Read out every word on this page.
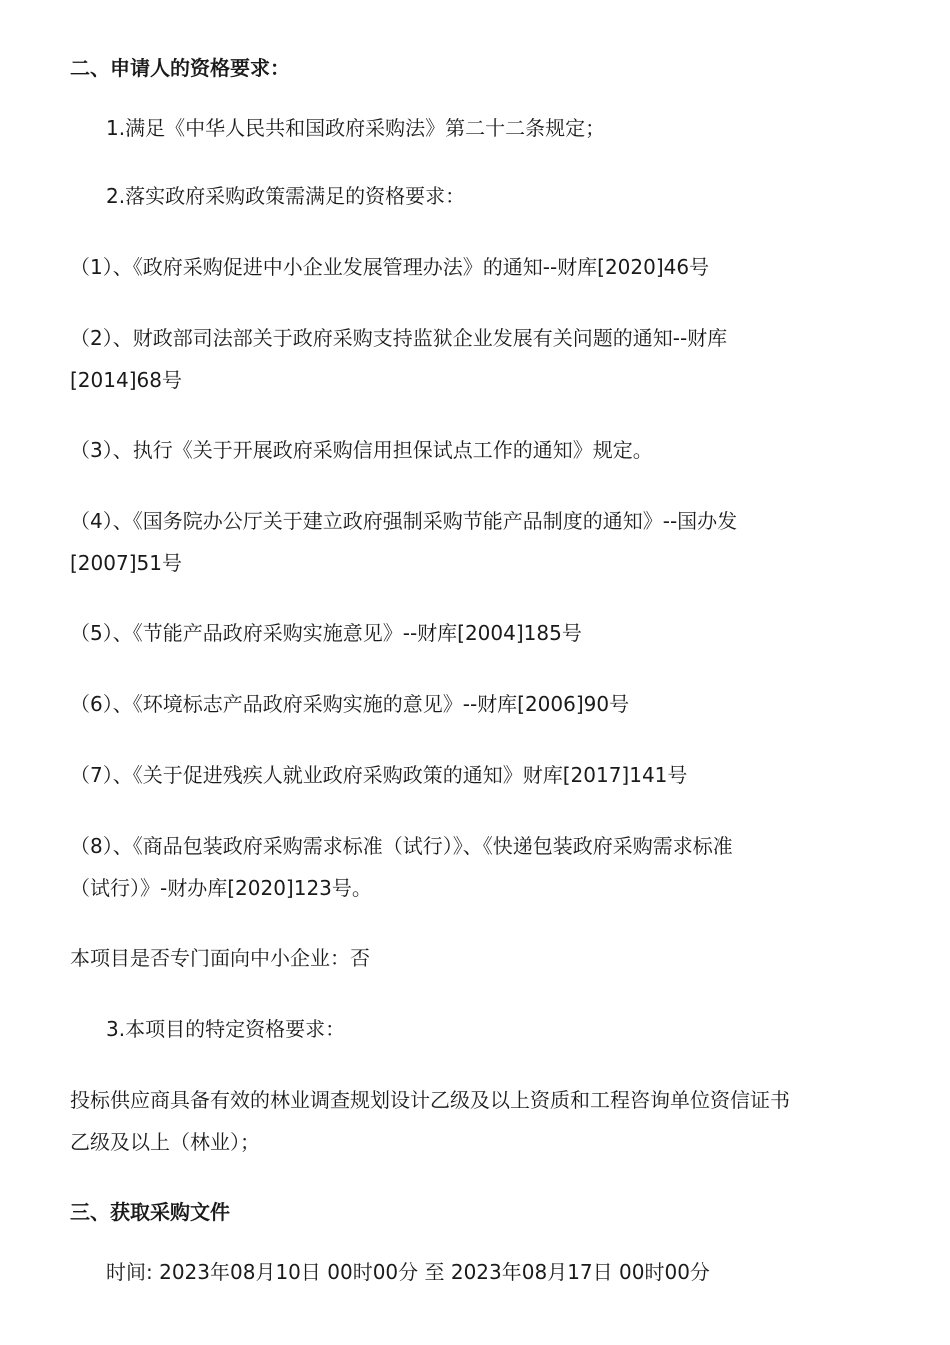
二、申请人的资格要求：
1.满足《中华人民共和国政府采购法》第二十二条规定；
2.落实政府采购政策需满足的资格要求：
（1）、《政府采购促进中小企业发展管理办法》的通知--财库[2020]46号
（2）、财政部司法部关于政府采购支持监狱企业发展有关问题的通知--财库
[2014]68号
（3）、执行《关于开展政府采购信用担保试点工作的通知》规定。
（4）、《国务院办公厅关于建立政府强制采购节能产品制度的通知》--国办发
[2007]51号
（5）、《节能产品政府采购实施意见》--财库[2004]185号
（6）、《环境标志产品政府采购实施的意见》--财库[2006]90号
（7）、《关于促进残疾人就业政府采购政策的通知》财库[2017]141号
（8）、《商品包装政府采购需求标准（试行）》、《快递包装政府采购需求标准
（试行）》-财办库[2020]123号。
本项目是否专门面向中小企业：否
3.本项目的特定资格要求：
投标供应商具备有效的林业调查规划设计乙级及以上资质和工程咨询单位资信证书
乙级及以上（林业）；
三、获取采购文件
时间: 2023年08月10日 00时00分 至 2023年08月17日 00时00分
